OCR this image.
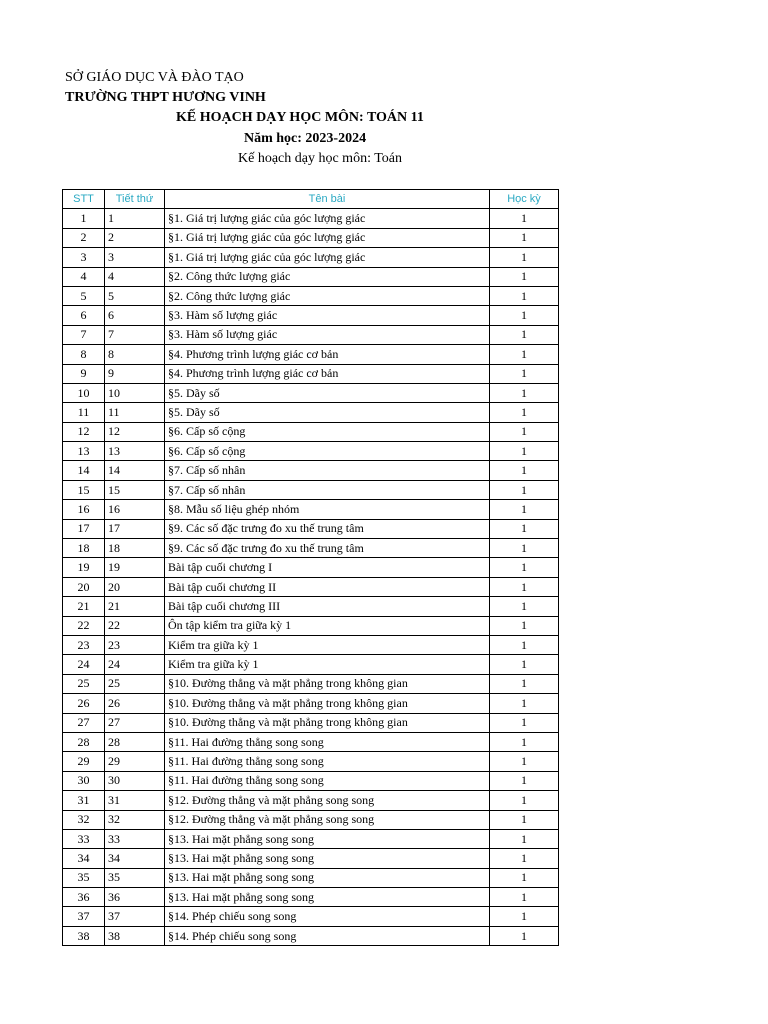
SỞ GIÁO DỤC VÀ ĐÀO TẠO
TRƯỜNG THPT HƯƠNG VINH
KẾ HOẠCH DẠY HỌC MÔN: TOÁN 11
Năm học: 2023-2024
Kế hoạch dạy học môn: Toán
STT	Tiết thứ	Tên bài	Học kỳ
1	1	§1. Giá trị lượng giác của góc lượng giác	1
2	2	§1. Giá trị lượng giác của góc lượng giác	1
3	3	§1. Giá trị lượng giác của góc lượng giác	1
4	4	§2. Công thức lượng giác	1
5	5	§2. Công thức lượng giác	1
6	6	§3. Hàm số lượng giác	1
7	7	§3. Hàm số lượng giác	1
8	8	§4. Phương trình lượng giác cơ bản	1
9	9	§4. Phương trình lượng giác cơ bản	1
10	10	§5. Dãy số	1
11	11	§5. Dãy số	1
12	12	§6. Cấp số cộng	1
13	13	§6. Cấp số cộng	1
14	14	§7. Cấp số nhân	1
15	15	§7. Cấp số nhân	1
16	16	§8. Mẫu số liệu ghép nhóm	1
17	17	§9. Các số đặc trưng đo xu thế trung tâm	1
18	18	§9. Các số đặc trưng đo xu thế trung tâm	1
19	19	Bài tập cuối chương I	1
20	20	Bài tập cuối chương II	1
21	21	Bài tập cuối chương III	1
22	22	Ôn tập kiểm tra giữa kỳ 1	1
23	23	Kiểm tra giữa kỳ 1	1
24	24	Kiểm tra giữa kỳ 1	1
25	25	§10. Đường thẳng và mặt phẳng trong không gian	1
26	26	§10. Đường thẳng và mặt phẳng trong không gian	1
27	27	§10. Đường thẳng và mặt phẳng trong không gian	1
28	28	§11. Hai đường thẳng song song	1
29	29	§11. Hai đường thẳng song song	1
30	30	§11. Hai đường thẳng song song	1
31	31	§12. Đường thẳng và mặt phẳng song song	1
32	32	§12. Đường thẳng và mặt phẳng song song	1
33	33	§13. Hai mặt phẳng song song	1
34	34	§13. Hai mặt phẳng song song	1
35	35	§13. Hai mặt phẳng song song	1
36	36	§13. Hai mặt phẳng song song	1
37	37	§14. Phép chiếu song song	1
38	38	§14. Phép chiếu song song	1
